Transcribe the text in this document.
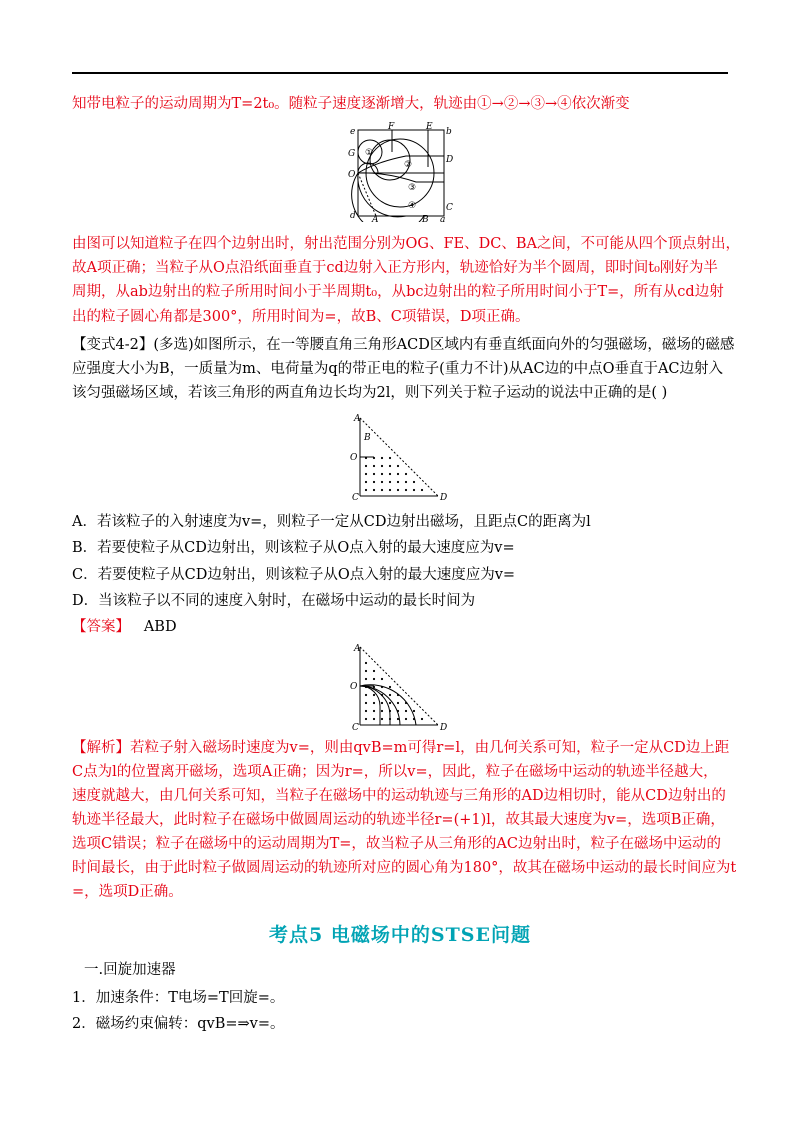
知带电粒子的运动周期为T=2t₀。随粒子速度逐渐增大，轨迹由①→②→③→④依次渐变
e	F	E b
G
D
O
d A	B
C
a
①
②
③
④
由图可以知道粒子在四个边射出时，射出范围分别为OG、FE、DC、BA之间，不可能从四个顶点射出，
故A项正确；当粒子从O点沿纸面垂直于cd边射入正方形内，轨迹恰好为半个圆周，即时间t₀刚好为半
周期，从ab边射出的粒子所用时间小于半周期t₀，从bc边射出的粒子所用时间小于T=，所有从cd边射
出的粒子圆心角都是300°，所用时间为=，故B、C项错误，D项正确。
【变式4-2】(多选)如图所示，在一等腰直角三角形ACD区域内有垂直纸面向外的匀强磁场，磁场的磁感
应强度大小为B，一质量为m、电荷量为q的带正电的粒子(重力不计)从AC边的中点O垂直于AC边射入
该匀强磁场区域，若该三角形的两直角边长均为2l，则下列关于粒子运动的说法中正确的是( )
A
B
O
C	D
A．若该粒子的入射速度为v=，则粒子一定从CD边射出磁场，且距点C的距离为l
B．若要使粒子从CD边射出，则该粒子从O点入射的最大速度应为v=
C．若要使粒子从CD边射出，则该粒子从O点入射的最大速度应为v=
D．当该粒子以不同的速度入射时，在磁场中运动的最长时间为
【答案】 ABD
A
O
C	D
【解析】若粒子射入磁场时速度为v=，则由qvB=m可得r=l，由几何关系可知，粒子一定从CD边上距
C点为l的位置离开磁场，选项A正确；因为r=，所以v=，因此，粒子在磁场中运动的轨迹半径越大，
速度就越大，由几何关系可知，当粒子在磁场中的运动轨迹与三角形的AD边相切时，能从CD边射出的
轨迹半径最大，此时粒子在磁场中做圆周运动的轨迹半径r=(+1)l，故其最大速度为v=，选项B正确，
选项C错误；粒子在磁场中的运动周期为T=，故当粒子从三角形的AC边射出时，粒子在磁场中运动的
时间最长，由于此时粒子做圆周运动的轨迹所对应的圆心角为180°，故其在磁场中运动的最长时间应为t
=，选项D正确。
考点5 电磁场中的STSE问题
一.回旋加速器
1．加速条件：T电场=T回旋=。
2．磁场约束偏转：qvB=⇒v=。
